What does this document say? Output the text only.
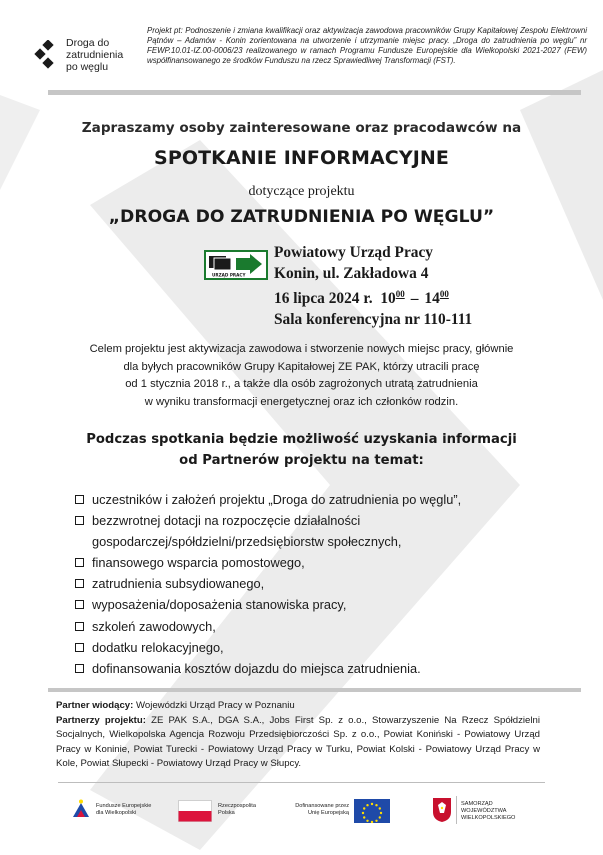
Droga do
zatrudnienia
po węglu
Projekt pt: Podnoszenie i zmiana kwalifikacji oraz aktywizacja zawodowa pracowników Grupy Kapitałowej Zespołu Elektrowni Pątnów – Adamów - Konin zorientowana na utworzenie i utrzymanie miejsc pracy. „Droga do zatrudnienia po węglu” nr FEWP.10.01-IZ.00-0006/23 realizowanego w ramach Programu Fundusze Europejskie dla Wielkopolski 2021-2027 (FEW) współfinansowanego ze środków Funduszu na rzecz Sprawiedliwej Transformacji (FST).
Zapraszamy osoby zainteresowane oraz pracodawców na
SPOTKANIE INFORMACYJNE
dotyczące projektu
„DROGA DO ZATRUDNIENIA PO WĘGLU”
URZĄD PRACY
Powiatowy Urząd Pracy
Konin, ul. Zakładowa 4
16 lipca 2024 r. $10^{00} - 14^{00}$
Sala konferencyjna nr 110-111
Celem projektu jest aktywizacja zawodowa i stworzenie nowych miejsc pracy, głównie
dla byłych pracowników Grupy Kapitałowej ZE PAK, którzy utracili pracę
od 1 stycznia 2018 r., a także dla osób zagrożonych utratą zatrudnienia
w wyniku transformacji energetycznej oraz ich członków rodzin.
Podczas spotkania będzie możliwość uzyskania informacji
od Partnerów projektu na temat:
uczestników i założeń projektu „Droga do zatrudnienia po węglu”,
bezzwrotnej dotacji na rozpoczęcie działalności
gospodarczej/spółdzielni/przedsiębiorstw społecznych,
finansowego wsparcia pomostowego,
zatrudnienia subsydiowanego,
wyposażenia/doposażenia stanowiska pracy,
szkoleń zawodowych,
dodatku relokacyjnego,
dofinansowania kosztów dojazdu do miejsca zatrudnienia.
Partner wiodący: Wojewódzki Urząd Pracy w Poznaniu
Partnerzy projektu: ZE PAK S.A., DGA S.A., Jobs First Sp. z o.o., Stowarzyszenie Na Rzecz Spółdzielni Socjalnych, Wielkopolska Agencja Rozwoju Przedsiębiorczości Sp. z o.o., Powiat Koniński - Powiatowy Urząd Pracy w Koninie, Powiat Turecki - Powiatowy Urząd Pracy w Turku, Powiat Kolski - Powiatowy Urząd Pracy w Kole, Powiat Słupecki - Powiatowy Urząd Pracy w Słupcy.
Fundusze Europejskie
dla Wielkopolski
Rzeczpospolita
Polska
Dofinansowane przez
Unię Europejską
SAMORZĄD
WOJEWÓDZTWA
WIELKOPOLSKIEGO
